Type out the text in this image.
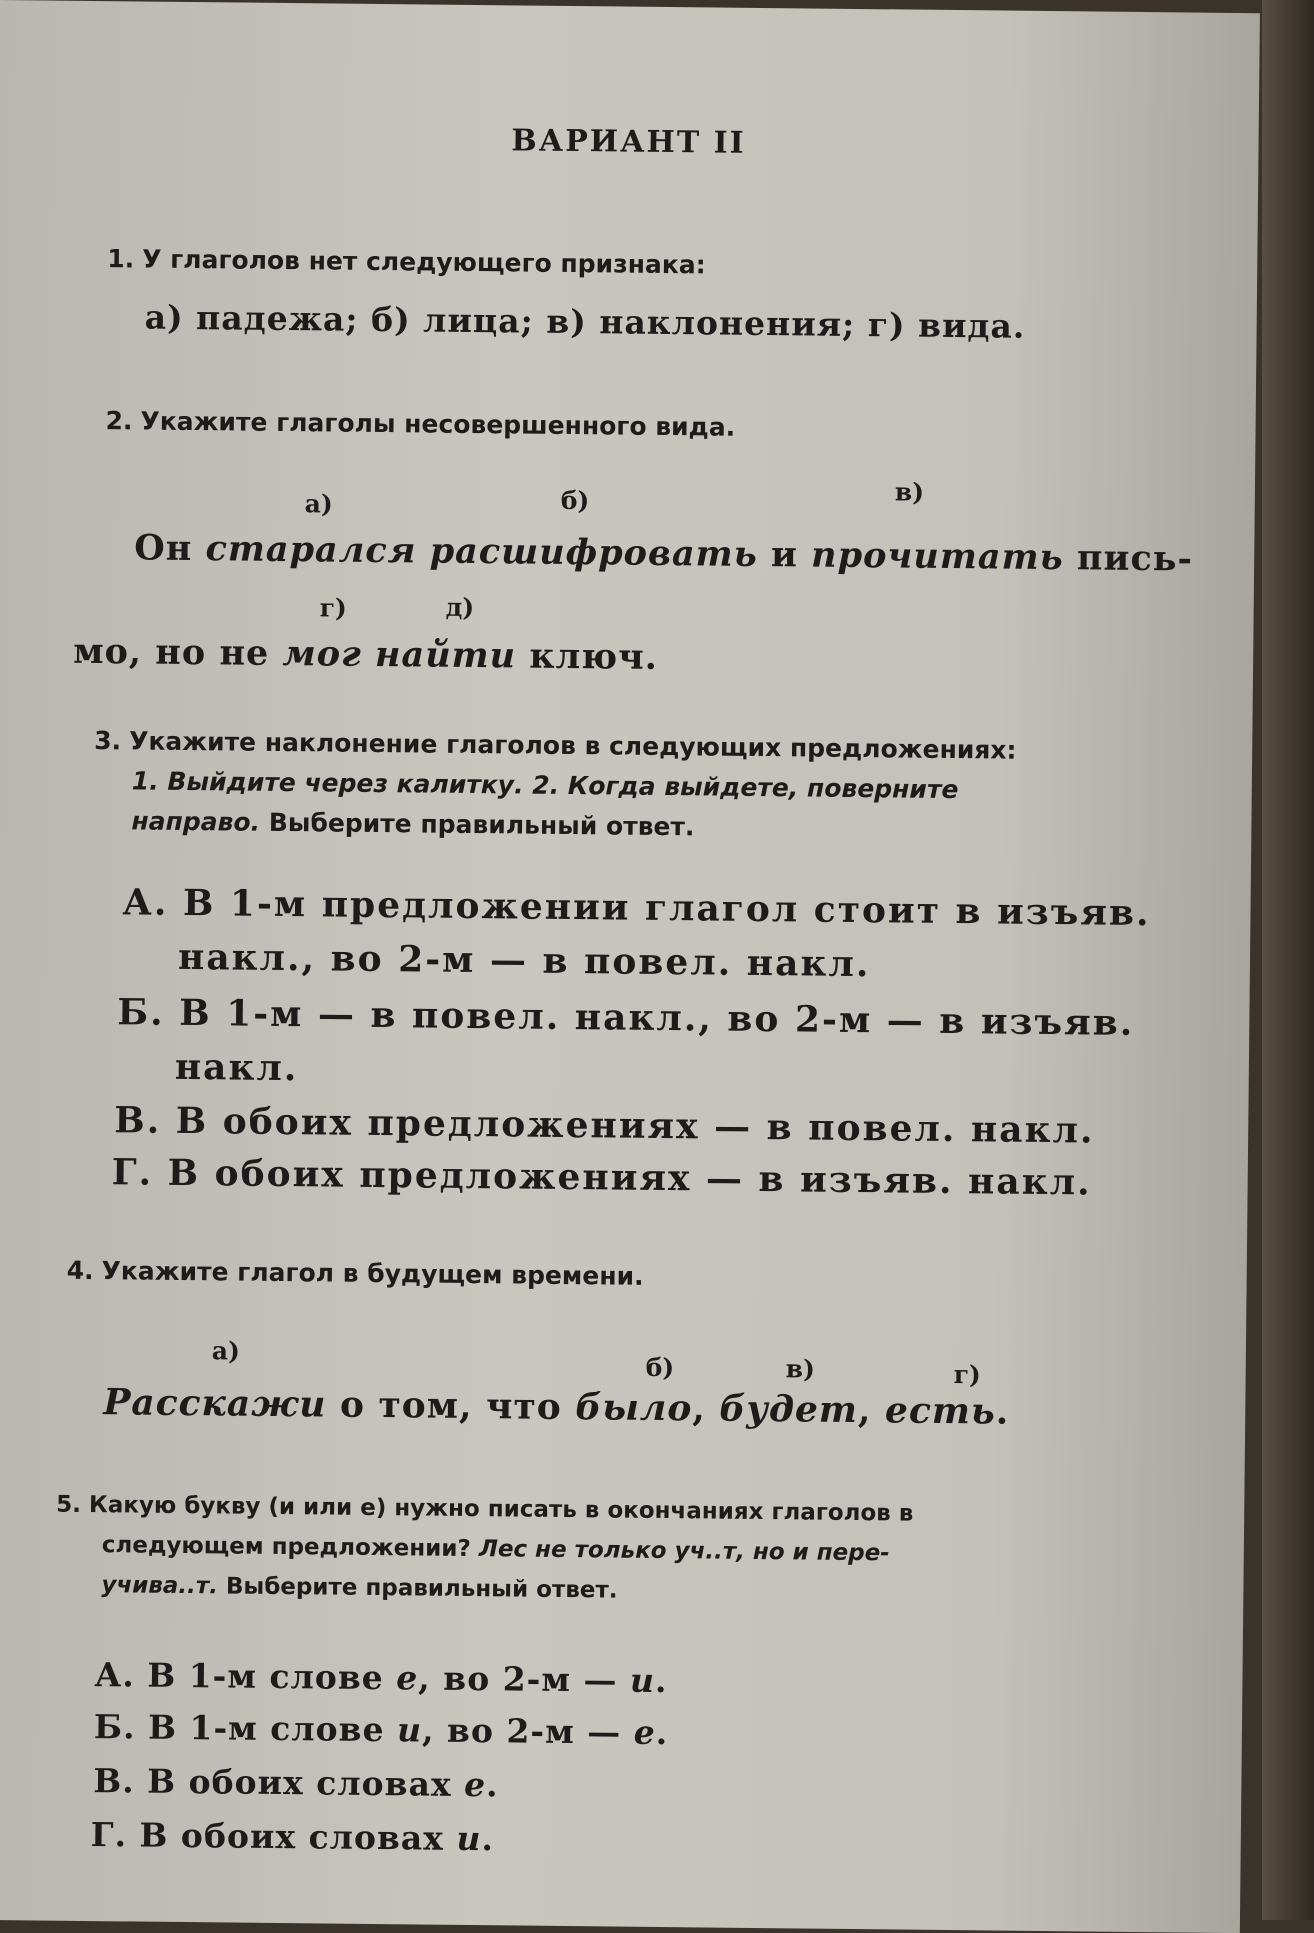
ВАРИАНТ II
1. У глаголов нет следующего признака:
а) падежа; б) лица; в) наклонения; г) вида.
2. Укажите глаголы несовершенного вида.
а)	б)	в)
Он старался расшифровать и прочитать пись-
г)	д)
мо, но не мог найти ключ.
3. Укажите наклонение глаголов в следующих предложениях:
1. Выйдите через калитку. 2. Когда выйдете, поверните
направо. Выберите правильный ответ.
А. В 1-м предложении глагол стоит в изъяв.
накл., во 2-м — в повел. накл.
Б. В 1-м — в повел. накл., во 2-м — в изъяв.
накл.
В. В обоих предложениях — в повел. накл.
Г. В обоих предложениях — в изъяв. накл.
4. Укажите глагол в будущем времени.
а)
б)	в)	г)
Расскажи о том, что было, будет, есть.
5. Какую букву (и или е) нужно писать в окончаниях глаголов в
следующем предложении? Лес не только уч..т, но и пере-
учива..т. Выберите правильный ответ.
А. В 1-м слове е, во 2-м — и.
Б. В 1-м слове и, во 2-м — е.
В. В обоих словах е.
Г. В обоих словах и.
